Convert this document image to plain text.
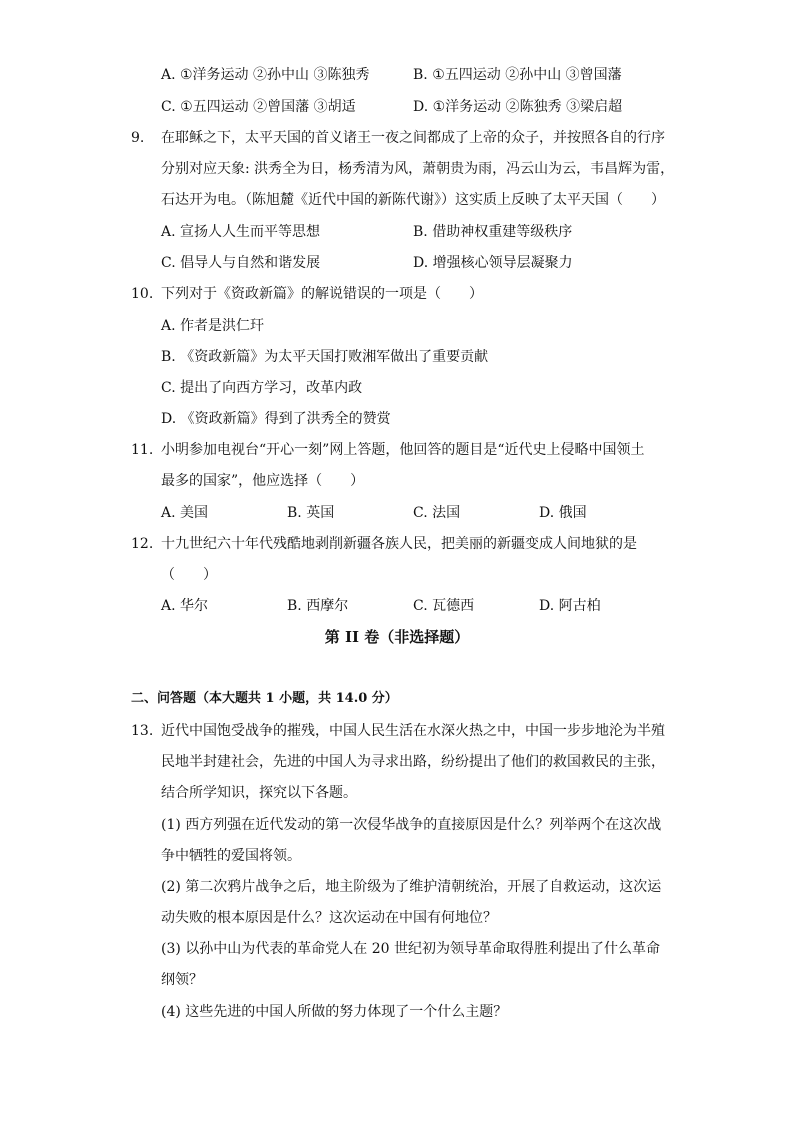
A. ①洋务运动 ②孙中山 ③陈独秀	B. ①五四运动 ②孙中山 ③曾国藩
C. ①五四运动 ②曾国藩 ③胡适	D. ①洋务运动 ②陈独秀 ③梁启超
9. 在耶稣之下，太平天国的首义诸王一夜之间都成了上帝的众子，并按照各自的行序
分别对应天象: 洪秀全为日，杨秀清为风，萧朝贵为雨，冯云山为云，韦昌辉为雷，
石达开为电。（陈旭麓《近代中国的新陈代谢》）这实质上反映了太平天国（　　）
A. 宣扬人人生而平等思想	B. 借助神权重建等级秩序
C. 倡导人与自然和谐发展	D. 增强核心领导层凝聚力
10. 下列对于《资政新篇》的解说错误的一项是（　　）
A. 作者是洪仁玕
B. 《资政新篇》为太平天国打败湘军做出了重要贡献
C. 提出了向西方学习，改革内政
D. 《资政新篇》得到了洪秀全的赞赏
11. 小明参加电视台“开心一刻”网上答题，他回答的题目是“近代史上侵略中国领土
最多的国家”，他应选择（　　）
A. 美国	B. 英国	C. 法国	D. 俄国
12. 十九世纪六十年代残酷地剥削新疆各族人民，把美丽的新疆变成人间地狱的是
（　　）
A. 华尔	B. 西摩尔	C. 瓦德西	D. 阿古柏
第 II 卷（非选择题）
二、问答题（本大题共 1 小题，共 14.0 分）
13. 近代中国饱受战争的摧残，中国人民生活在水深火热之中，中国一步步地沦为半殖
民地半封建社会，先进的中国人为寻求出路，纷纷提出了他们的救国救民的主张，
结合所学知识，探究以下各题。
(1) 西方列强在近代发动的第一次侵华战争的直接原因是什么？列举两个在这次战
争中牺牲的爱国将领。
(2) 第二次鸦片战争之后，地主阶级为了维护清朝统治，开展了自救运动，这次运
动失败的根本原因是什么？这次运动在中国有何地位？
(3) 以孙中山为代表的革命党人在 20 世纪初为领导革命取得胜利提出了什么革命
纲领？
(4) 这些先进的中国人所做的努力体现了一个什么主题？
